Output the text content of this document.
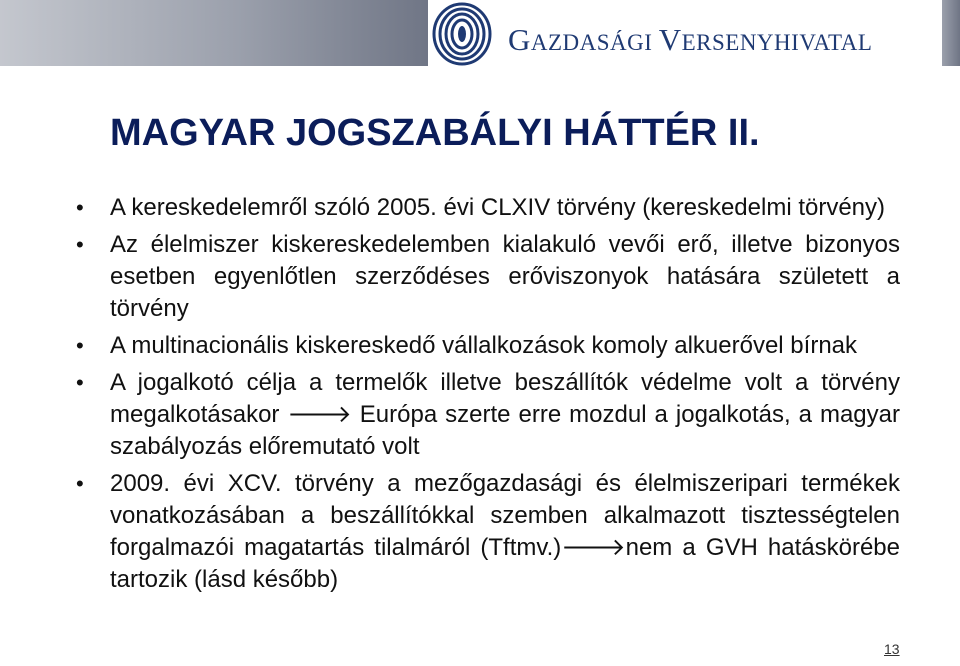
GAZDASÁGI VERSENYHIVATAL
MAGYAR JOGSZABÁLYI HÁTTÉR II.
• A kereskedelemről szóló 2005. évi CLXIV törvény (kereskedelmi törvény)
• Az élelmiszer kiskereskedelemben kialakuló vevői erő, illetve bizonyos esetben egyenlőtlen szerződéses erőviszonyok hatására született a törvény
• A multinacionális kiskereskedő vállalkozások komoly alkuerővel bírnak
• A jogalkotó célja a termelők illetve beszállítók védelme volt a törvény megalkotásakor 🡒 Európa szerte erre mozdul a jogalkotás, a magyar szabályozás előremutató volt
• 2009. évi XCV. törvény a mezőgazdasági és élelmiszeripari termékek vonatkozásában a beszállítókkal szemben alkalmazott tisztességtelen forgalmazói magatartás tilalmáról (Tftmv.)🡒nem a GVH hatáskörébe tartozik (lásd később)
13
